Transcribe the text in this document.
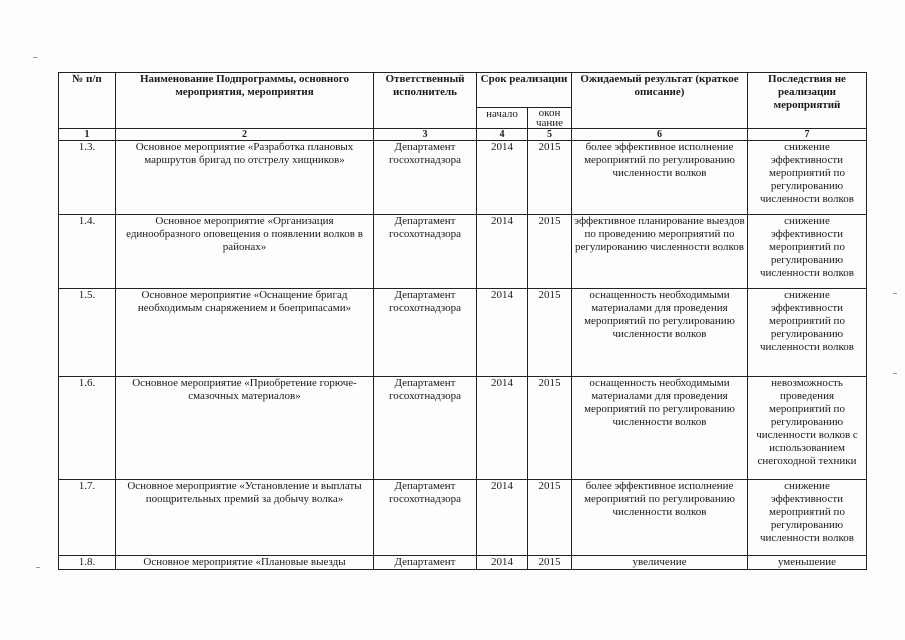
№ п/п	Наименование Подпрограммы, основного мероприятия, мероприятия	Ответственный исполнитель	Срок реализации		Ожидаемый результат (краткое описание)	Последствия не реализации мероприятий
			начало	окон чание		
1	2	3	4	5	6	7
1.3.	Основное мероприятие «Разработка плановых маршрутов бригад по отстрелу хищников»	Департамент госохотнадзора	2014	2015	более эффективное исполнение мероприятий по регулированию численности волков	снижение эффективности мероприятий по регулированию численности волков
1.4.	Основное мероприятие «Организация единообразного оповещения о появлении волков в районах»	Департамент госохотнадзора	2014	2015	эффективное планирование выездов по проведению мероприятий по регулированию численности волков	снижение эффективности мероприятий по регулированию численности волков
1.5.	Основное мероприятие «Оснащение бригад необходимым снаряжением и боеприпасами»	Департамент госохотнадзора	2014	2015	оснащенность необходимыми материалами для проведения мероприятий по регулированию численности волков	снижение эффективности мероприятий по регулированию численности волков
1.6.	Основное мероприятие «Приобретение горюче-смазочных материалов»	Департамент госохотнадзора	2014	2015	оснащенность необходимыми материалами для проведения мероприятий по регулированию численности волков	невозможность проведения мероприятий по регулированию численности волков с использованием снегоходной техники
1.7.	Основное мероприятие «Установление и выплаты поощрительных премий за добычу волка»	Департамент госохотнадзора	2014	2015	более эффективное исполнение мероприятий по регулированию численности волков	снижение эффективности мероприятий по регулированию численности волков
1.8.	Основное мероприятие «Плановые выезды	Департамент	2014	2015	увеличение	уменьшение
